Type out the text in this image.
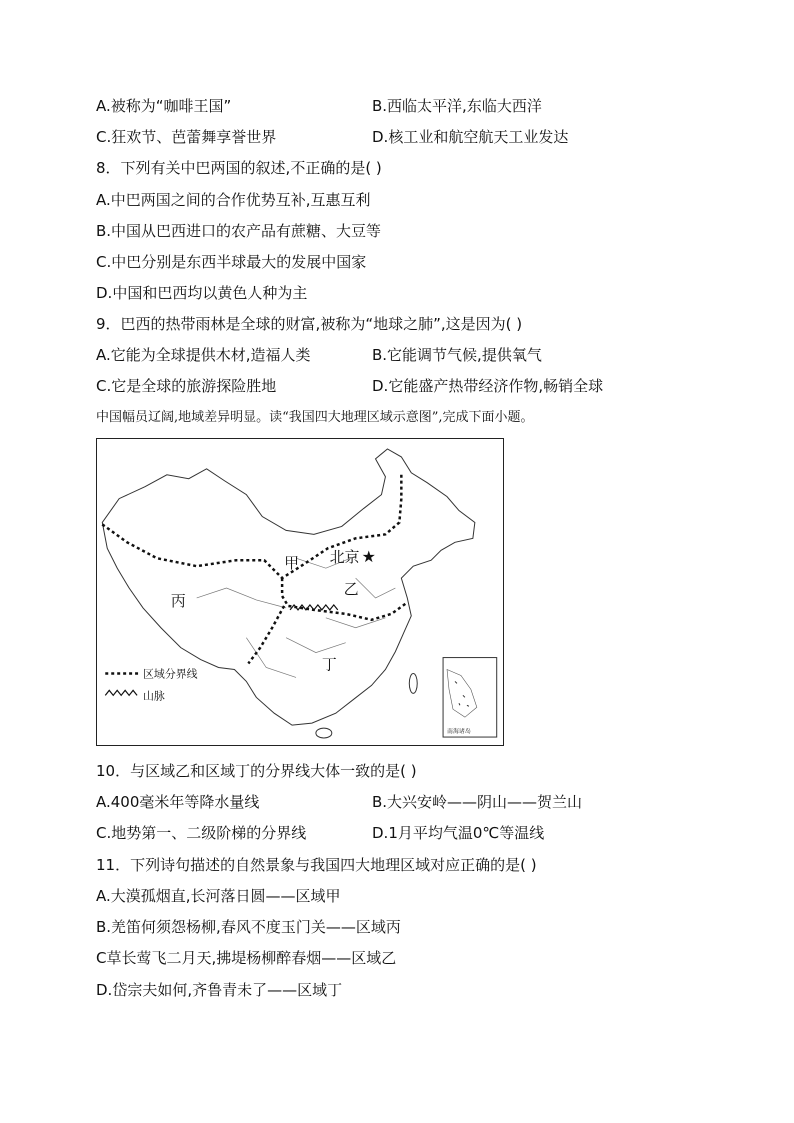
A.被称为“咖啡王国”	B.西临太平洋,东临大西洋
C.狂欢节、芭蕾舞享誉世界	D.核工业和航空航天工业发达
8．下列有关中巴两国的叙述,不正确的是( )
A.中巴两国之间的合作优势互补,互惠互利
B.中国从巴西进口的农产品有蔗糖、大豆等
C.中巴分别是东西半球最大的发展中国家
D.中国和巴西均以黄色人种为主
9．巴西的热带雨林是全球的财富,被称为“地球之肺”,这是因为( )
A.它能为全球提供木材,造福人类	B.它能调节气候,提供氧气
C.它是全球的旅游探险胜地	D.它能盛产热带经济作物,畅销全球
中国幅员辽阔,地域差异明显。读“我国四大地理区域示意图”,完成下面小题。
甲
乙
丙
丁
北京 ★
区域分界线
山脉
南海诸岛
10．与区域乙和区域丁的分界线大体一致的是( )
A.400毫米年等降水量线	B.大兴安岭——阴山——贺兰山
C.地势第一、二级阶梯的分界线	D.1月平均气温0℃等温线
11．下列诗句描述的自然景象与我国四大地理区域对应正确的是( )
A.大漠孤烟直,长河落日圆——区域甲
B.羌笛何须怨杨柳,春风不度玉门关——区域丙
C草长莺飞二月天,拂堤杨柳醉春烟——区域乙
D.岱宗夫如何,齐鲁青未了——区域丁
